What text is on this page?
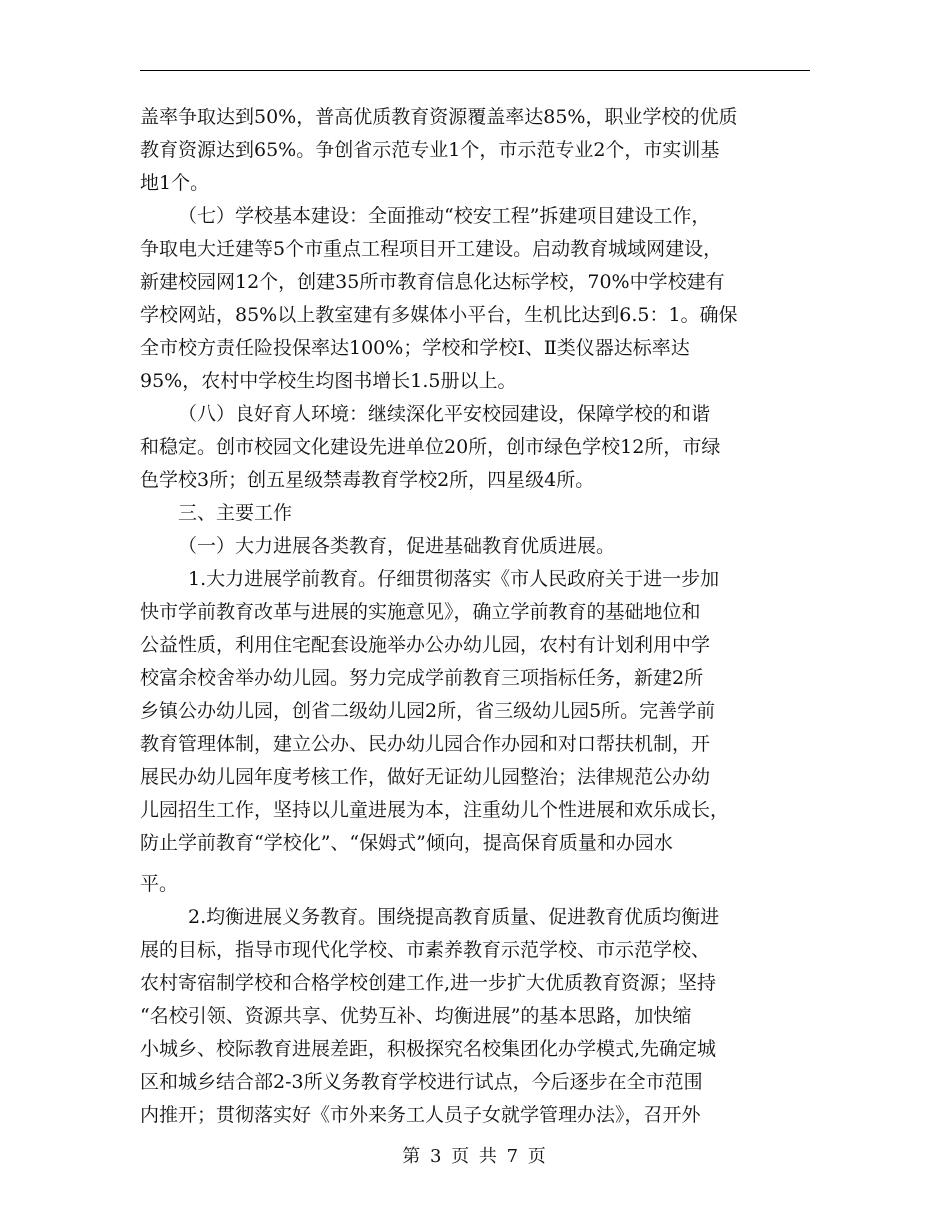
盖率争取达到50%，普高优质教育资源覆盖率达85%，职业学校的优质
教育资源达到65%。争创省示范专业1个，市示范专业2个，市实训基
地1个。
（七）学校基本建设：全面推动“校安工程”拆建项目建设工作，
争取电大迁建等5个市重点工程项目开工建设。启动教育城域网建设，
新建校园网12个，创建35所市教育信息化达标学校，70%中学校建有
学校网站，85%以上教室建有多媒体小平台，生机比达到6.5：1。确保
全市校方责任险投保率达100%；学校和学校Ⅰ、Ⅱ类仪器达标率达
95%，农村中学校生均图书增长1.5册以上。
（八）良好育人环境：继续深化平安校园建设，保障学校的和谐
和稳定。创市校园文化建设先进单位20所，创市绿色学校12所，市绿
色学校3所；创五星级禁毒教育学校2所，四星级4所。
三、主要工作
（一）大力进展各类教育，促进基础教育优质进展。
1.大力进展学前教育。仔细贯彻落实《市人民政府关于进一步加
快市学前教育改革与进展的实施意见》，确立学前教育的基础地位和
公益性质，利用住宅配套设施举办公办幼儿园，农村有计划利用中学
校富余校舍举办幼儿园。努力完成学前教育三项指标任务，新建2所
乡镇公办幼儿园，创省二级幼儿园2所，省三级幼儿园5所。完善学前
教育管理体制，建立公办、民办幼儿园合作办园和对口帮扶机制，开
展民办幼儿园年度考核工作，做好无证幼儿园整治；法律规范公办幼
儿园招生工作，坚持以儿童进展为本，注重幼儿个性进展和欢乐成长，
防止学前教育“学校化”、“保姆式”倾向，提高保育质量和办园水
平。
2.均衡进展义务教育。围绕提高教育质量、促进教育优质均衡进
展的目标，指导市现代化学校、市素养教育示范学校、市示范学校、
农村寄宿制学校和合格学校创建工作,进一步扩大优质教育资源；坚持
“名校引领、资源共享、优势互补、均衡进展”的基本思路，加快缩
小城乡、校际教育进展差距，积极探究名校集团化办学模式,先确定城
区和城乡结合部2-3所义务教育学校进行试点，今后逐步在全市范围
内推开；贯彻落实好《市外来务工人员子女就学管理办法》，召开外
第 3 页 共 7 页
